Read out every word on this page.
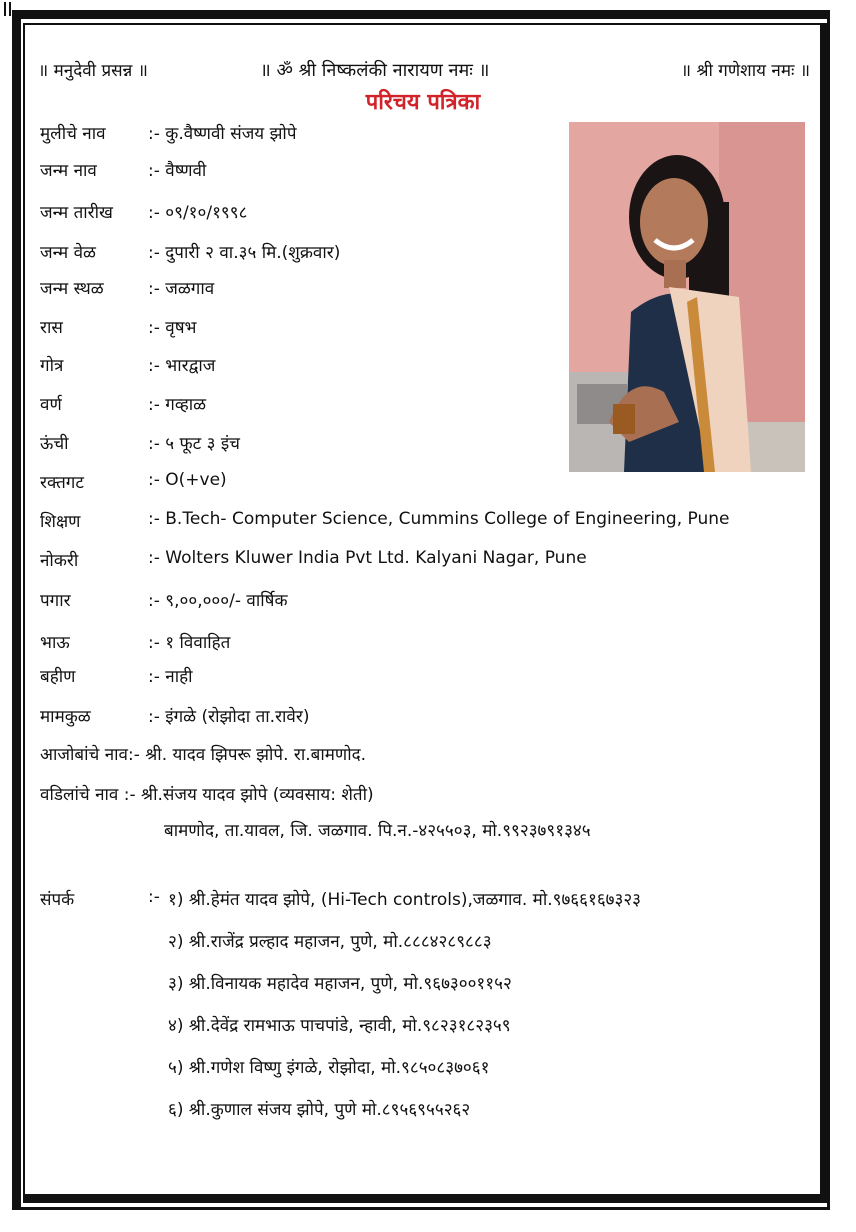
॥ मनुदेवी प्रसन्न ॥	॥ ॐ श्री निष्कलंकी नारायण नमः ॥	॥ श्री गणेशाय नमः ॥
परिचय पत्रिका
मुलीचे नाव :- कु.वैष्णवी संजय झोपे
जन्म नाव	:- वैष्णवी
जन्म तारीख :- ०९/१०/१९९८
जन्म वेळ	:- दुपारी २ वा.३५ मि.(शुक्रवार)
जन्म स्थळ	:- जळगाव
रास	:- वृषभ
गोत्र	:- भारद्वाज
वर्ण	:- गव्हाळ
ऊंची	:- ५ फूट ३ इंच
रक्तगट	:- O(+ve)
शिक्षण	:- B.Tech- Computer Science, Cummins College of Engineering, Pune
नोकरी	:- Wolters Kluwer India Pvt Ltd. Kalyani Nagar, Pune
पगार	:- ९,००,०००/- वार्षिक
भाऊ	:- १ विवाहित
बहीण	:- नाही
मामकुळ	:- इंगळे (रोझोदा ता.रावेर)
आजोबांचे नाव:- श्री. यादव झिपरू झोपे. रा.बामणोद.
वडिलांचे नाव :- श्री.संजय यादव झोपे (व्यवसाय: शेती)
बामणोद, ता.यावल, जि. जळगाव. पि.न.-४२५५०३, मो.९९२३७९१३४५
संपर्क	:- १) श्री.हेमंत यादव झोपे, (Hi-Tech controls),जळगाव. मो.९७६६१६७३२३
२) श्री.राजेंद्र प्रल्हाद महाजन, पुणे, मो.८८८४२८९८८३
३) श्री.विनायक महादेव महाजन, पुणे, मो.९६७३००११५२
४) श्री.देवेंद्र रामभाऊ पाचपांडे, न्हावी, मो.९८२३१८२३५९
५) श्री.गणेश विष्णु इंगळे, रोझोदा, मो.९८५०८३७०६१
६) श्री.कुणाल संजय झोपे, पुणे मो.८९५६९५५२६२
